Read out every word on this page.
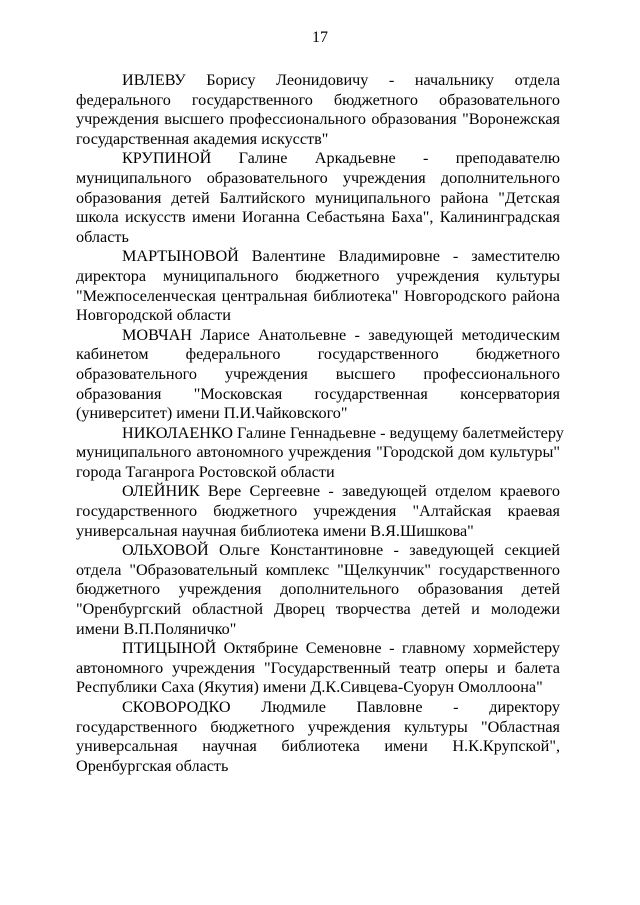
17
ИВЛЕВУ Борису Леонидовичу - начальнику отдела
федерального государственного бюджетного образовательного
учреждения высшего профессионального образования "Воронежская
государственная академия искусств"
КРУПИНОЙ Галине Аркадьевне - преподавателю
муниципального образовательного учреждения дополнительного
образования детей Балтийского муниципального района "Детская
школа искусств имени Иоганна Себастьяна Баха", Калининградская
область
МАРТЫНОВОЙ Валентине Владимировне - заместителю
директора муниципального бюджетного учреждения культуры
"Межпоселенческая центральная библиотека" Новгородского района
Новгородской области
МОВЧАН Ларисе Анатольевне - заведующей методическим
кабинетом федерального государственного бюджетного
образовательного учреждения высшего профессионального
образования "Московская государственная консерватория
(университет) имени П.И.Чайковского"
НИКОЛАЕНКО Галине Геннадьевне - ведущему балетмейстеру
муниципального автономного учреждения "Городской дом культуры"
города Таганрога Ростовской области
ОЛЕЙНИК Вере Сергеевне - заведующей отделом краевого
государственного бюджетного учреждения "Алтайская краевая
универсальная научная библиотека имени В.Я.Шишкова"
ОЛЬХОВОЙ Ольге Константиновне - заведующей секцией
отдела "Образовательный комплекс "Щелкунчик" государственного
бюджетного учреждения дополнительного образования детей
"Оренбургский областной Дворец творчества детей и молодежи
имени В.П.Поляничко"
ПТИЦЫНОЙ Октябрине Семеновне - главному хормейстеру
автономного учреждения "Государственный театр оперы и балета
Республики Саха (Якутия) имени Д.К.Сивцева-Суорун Омоллоона"
СКОВОРОДКО Людмиле Павловне - директору
государственного бюджетного учреждения культуры "Областная
универсальная научная библиотека имени Н.К.Крупской",
Оренбургская область
